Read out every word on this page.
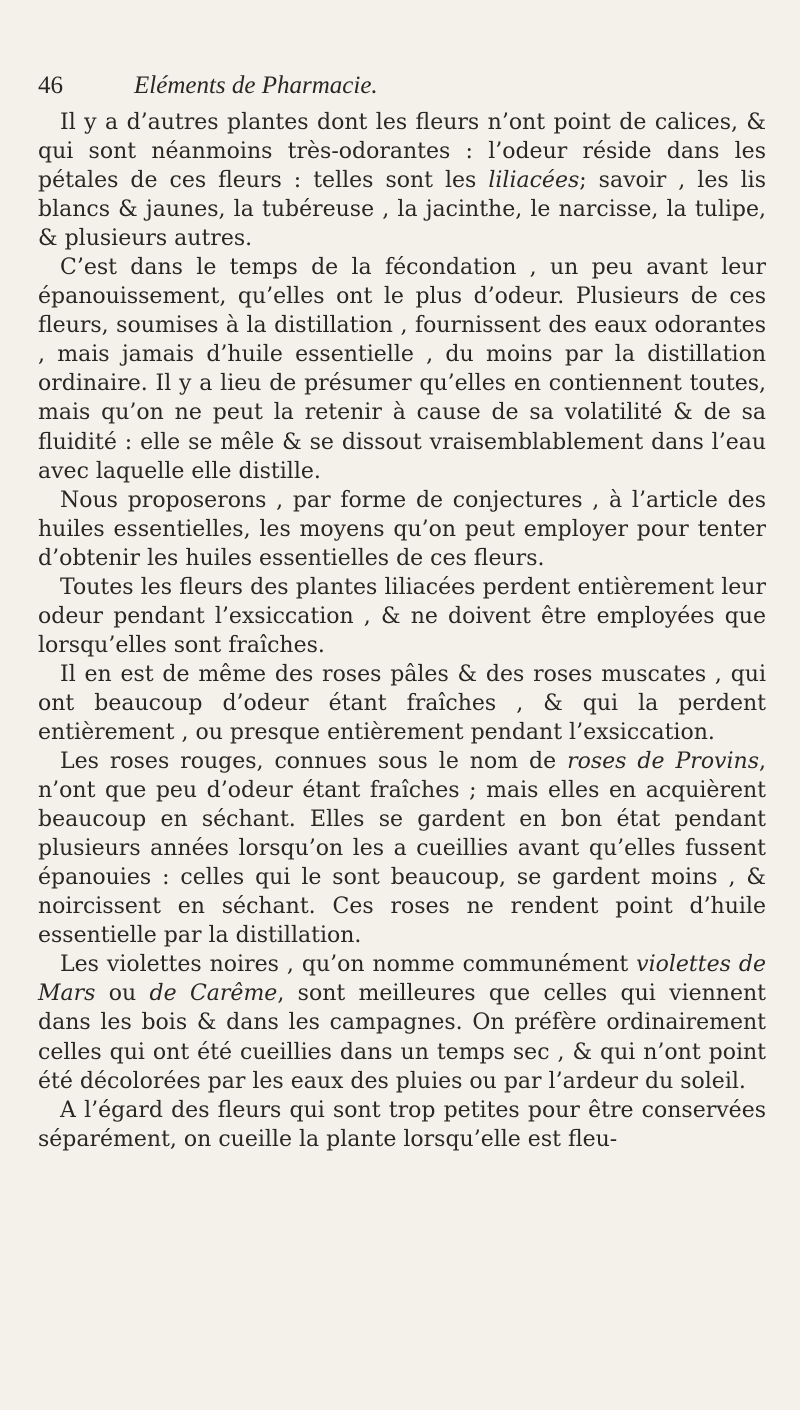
46	Eléments de Pharmacie.

Il y a d’autres plantes dont les fleurs n’ont point de calices, & qui sont néanmoins très-odorantes : l’odeur réside dans les pétales de ces fleurs : telles sont les liliacées; savoir , les lis blancs & jaunes, la tubéreuse , la jacinthe, le narcisse, la tulipe, & plusieurs autres.

C’est dans le temps de la fécondation , un peu avant leur épanouissement, qu’elles ont le plus d’odeur. Plusieurs de ces fleurs, soumises à la distillation , fournissent des eaux odorantes , mais jamais d’huile essentielle , du moins par la distillation ordinaire. Il y a lieu de présumer qu’elles en contiennent toutes, mais qu’on ne peut la retenir à cause de sa volatilité & de sa fluidité : elle se mêle & se dissout vraisemblablement dans l’eau avec laquelle elle distille.

Nous proposerons , par forme de conjectures , à l’article des huiles essentielles, les moyens qu’on peut employer pour tenter d’obtenir les huiles essentielles de ces fleurs.

Toutes les fleurs des plantes liliacées perdent entièrement leur odeur pendant l’exsiccation , & ne doivent être employées que lorsqu’elles sont fraîches.

Il en est de même des roses pâles & des roses muscates , qui ont beaucoup d’odeur étant fraîches , & qui la perdent entièrement , ou presque entièrement pendant l’exsiccation.

Les roses rouges, connues sous le nom de roses de Provins, n’ont que peu d’odeur étant fraîches ; mais elles en acquièrent beaucoup en séchant. Elles se gardent en bon état pendant plusieurs années lorsqu’on les a cueillies avant qu’elles fussent épanouies : celles qui le sont beaucoup, se gardent moins , & noircissent en séchant. Ces roses ne rendent point d’huile essentielle par la distillation.

Les violettes noires , qu’on nomme communément violettes de Mars ou de Carême, sont meilleures que celles qui viennent dans les bois & dans les campagnes. On préfère ordinairement celles qui ont été cueillies dans un temps sec , & qui n’ont point été décolorées par les eaux des pluies ou par l’ardeur du soleil.

A l’égard des fleurs qui sont trop petites pour être conservées séparément, on cueille la plante lorsqu’elle est fleu-
